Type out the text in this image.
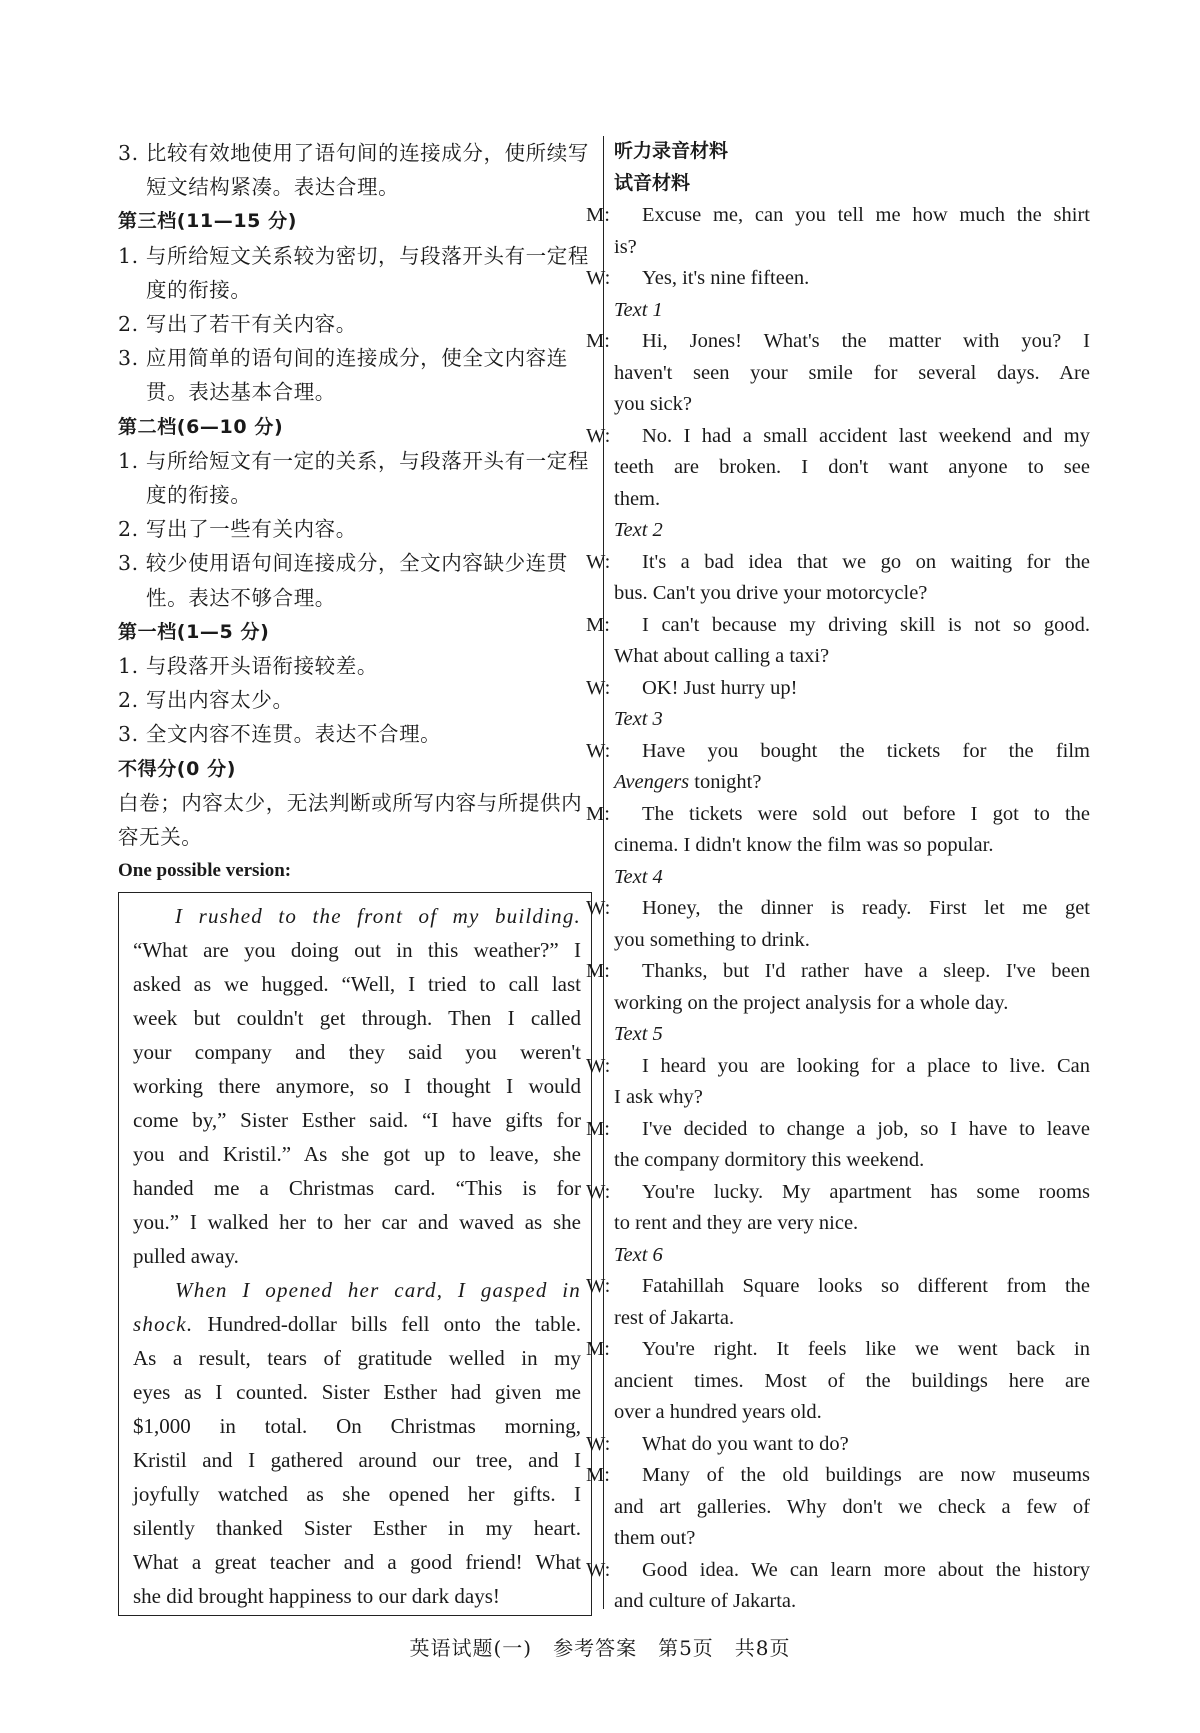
3. 比较有效地使用了语句间的连接成分，使所续写

短文结构紧凑。表达合理。

第三档(11—15 分)

1. 与所给短文关系较为密切，与段落开头有一定程

度的衔接。

2. 写出了若干有关内容。

3. 应用简单的语句间的连接成分，使全文内容连

贯。表达基本合理。

第二档(6—10 分)

1. 与所给短文有一定的关系，与段落开头有一定程

度的衔接。

2. 写出了一些有关内容。

3. 较少使用语句间连接成分，全文内容缺少连贯

性。表达不够合理。

第一档(1—5 分)

1. 与段落开头语衔接较差。

2. 写出内容太少。

3. 全文内容不连贯。表达不合理。

不得分(0 分)

白卷；内容太少，无法判断或所写内容与所提供内

容无关。

One possible version:

I rushed to the front of my building.

“What are you doing out in this weather?” I

asked as we hugged. “Well, I tried to call last

week but couldn't get through. Then I called

your company and they said you weren't

working there anymore, so I thought I would

come by,” Sister Esther said. “I have gifts for

you and Kristil.” As she got up to leave, she

handed me a Christmas card. “This is for

you.” I walked her to her car and waved as she

pulled away.

When I opened her card, I gasped in

shock. Hundred-dollar bills fell onto the table.

As a result, tears of gratitude welled in my

eyes as I counted. Sister Esther had given me

$1,000 in total. On Christmas morning,

Kristil and I gathered around our tree, and I

joyfully watched as she opened her gifts. I

silently thanked Sister Esther in my heart.

What a great teacher and a good friend! What

she did brought happiness to our dark days!

听力录音材料

试音材料

M: Excuse me, can you tell me how much the shirt

is?

W: Yes, it's nine fifteen.

Text 1

M: Hi, Jones! What's the matter with you? I

haven't seen your smile for several days. Are

you sick?

W: No. I had a small accident last weekend and my

teeth are broken. I don't want anyone to see

them.

Text 2

W: It's a bad idea that we go on waiting for the

bus. Can't you drive your motorcycle?

M: I can't because my driving skill is not so good.

What about calling a taxi?

W: OK! Just hurry up!

Text 3

W: Have you bought the tickets for the film

Avengers tonight?

M: The tickets were sold out before I got to the

cinema. I didn't know the film was so popular.

Text 4

W: Honey, the dinner is ready. First let me get

you something to drink.

M: Thanks, but I'd rather have a sleep. I've been

working on the project analysis for a whole day.

Text 5

W: I heard you are looking for a place to live. Can

I ask why?

M: I've decided to change a job, so I have to leave

the company dormitory this weekend.

W: You're lucky. My apartment has some rooms

to rent and they are very nice.

Text 6

W: Fatahillah Square looks so different from the

rest of Jakarta.

M: You're right. It feels like we went back in

ancient times. Most of the buildings here are

over a hundred years old.

W: What do you want to do?

M: Many of the old buildings are now museums

and art galleries. Why don't we check a few of

them out?

W: Good idea. We can learn more about the history

and culture of Jakarta.

英语试题(一)　参考答案　第5页　共8页
